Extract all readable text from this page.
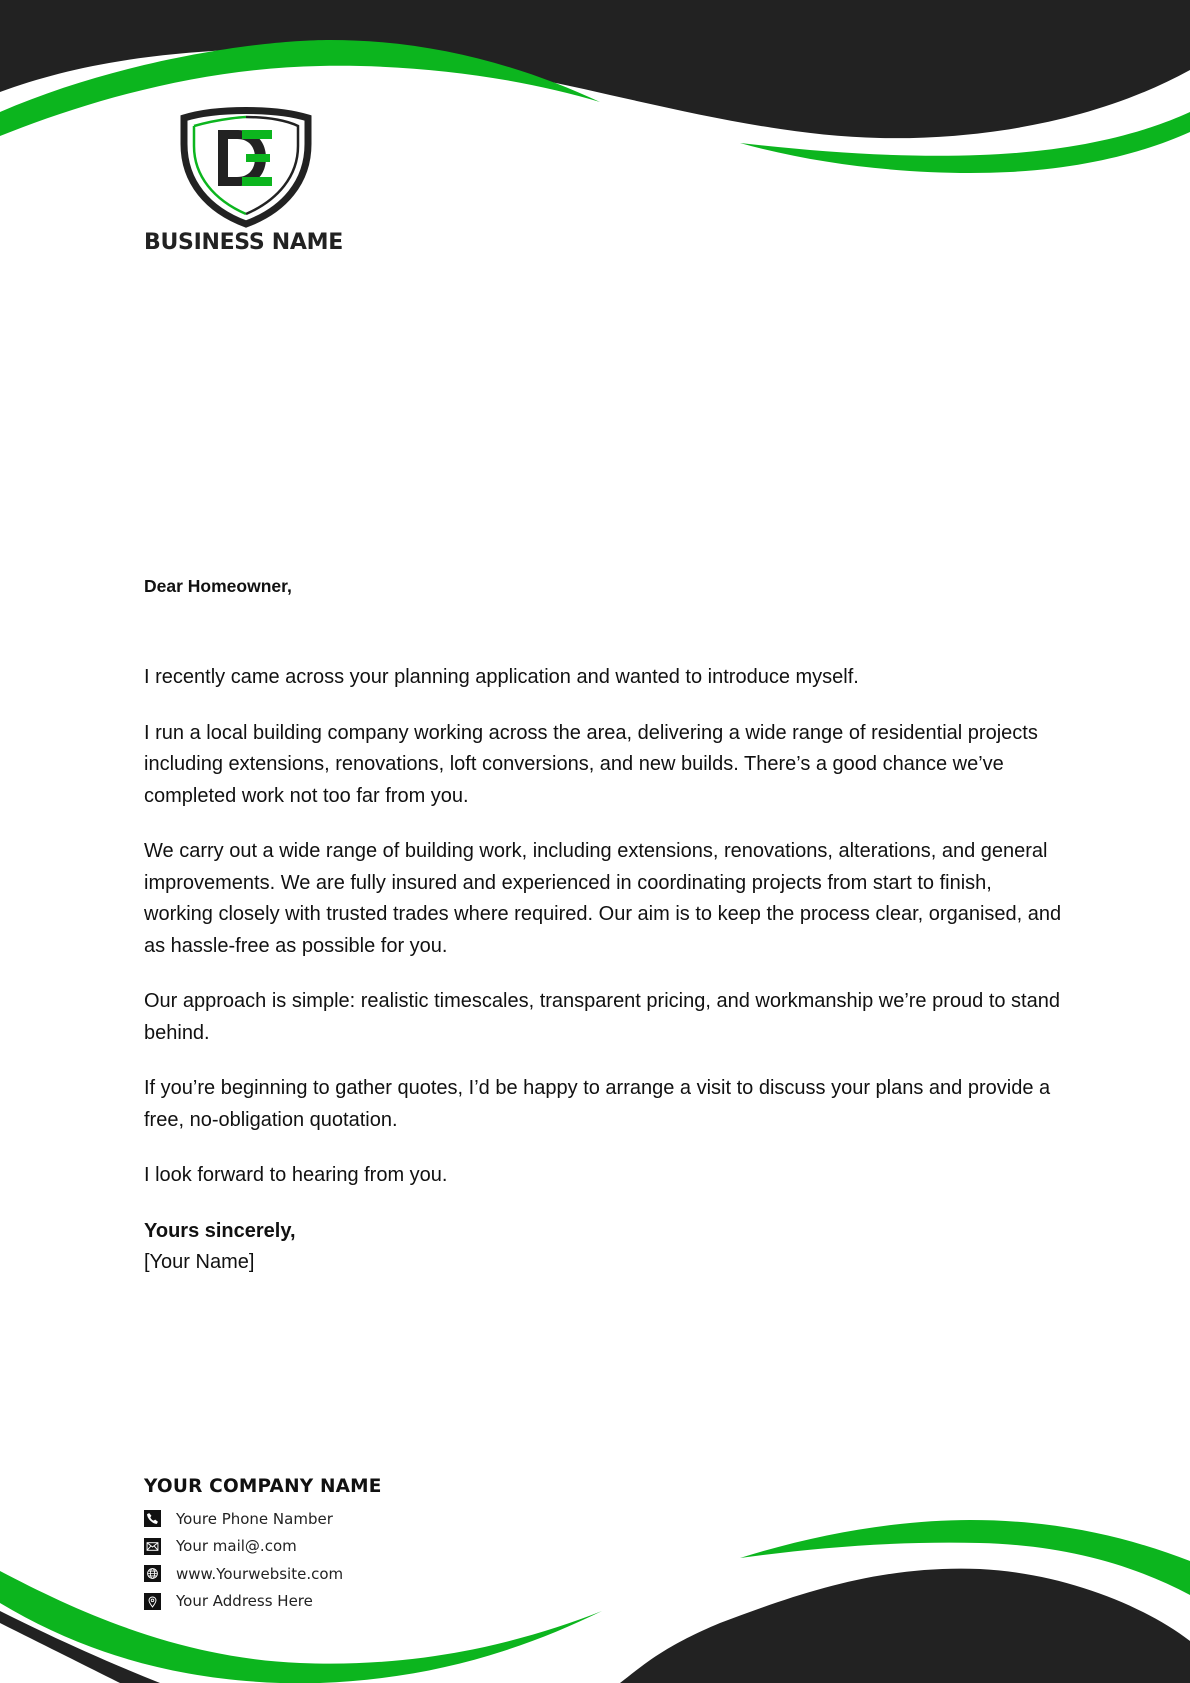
BUSINESS NAME

Dear Homeowner,

I recently came across your planning application and wanted to introduce myself.

I run a local building company working across the area, delivering a wide range of residential projects including extensions, renovations, loft conversions, and new builds. There’s a good chance we’ve completed work not too far from you.

We carry out a wide range of building work, including extensions, renovations, alterations, and general improvements. We are fully insured and experienced in coordinating projects from start to finish, working closely with trusted trades where required. Our aim is to keep the process clear, organised, and as hassle-free as possible for you.

Our approach is simple: realistic timescales, transparent pricing, and workmanship we’re proud to stand behind.

If you’re beginning to gather quotes, I’d be happy to arrange a visit to discuss your plans and provide a free, no-obligation quotation.

I look forward to hearing from you.

Yours sincerely,

[Your Name]

YOUR COMPANY NAME
Youre Phone Namber
Your mail@.com
www.Yourwebsite.com
Your Address Here
